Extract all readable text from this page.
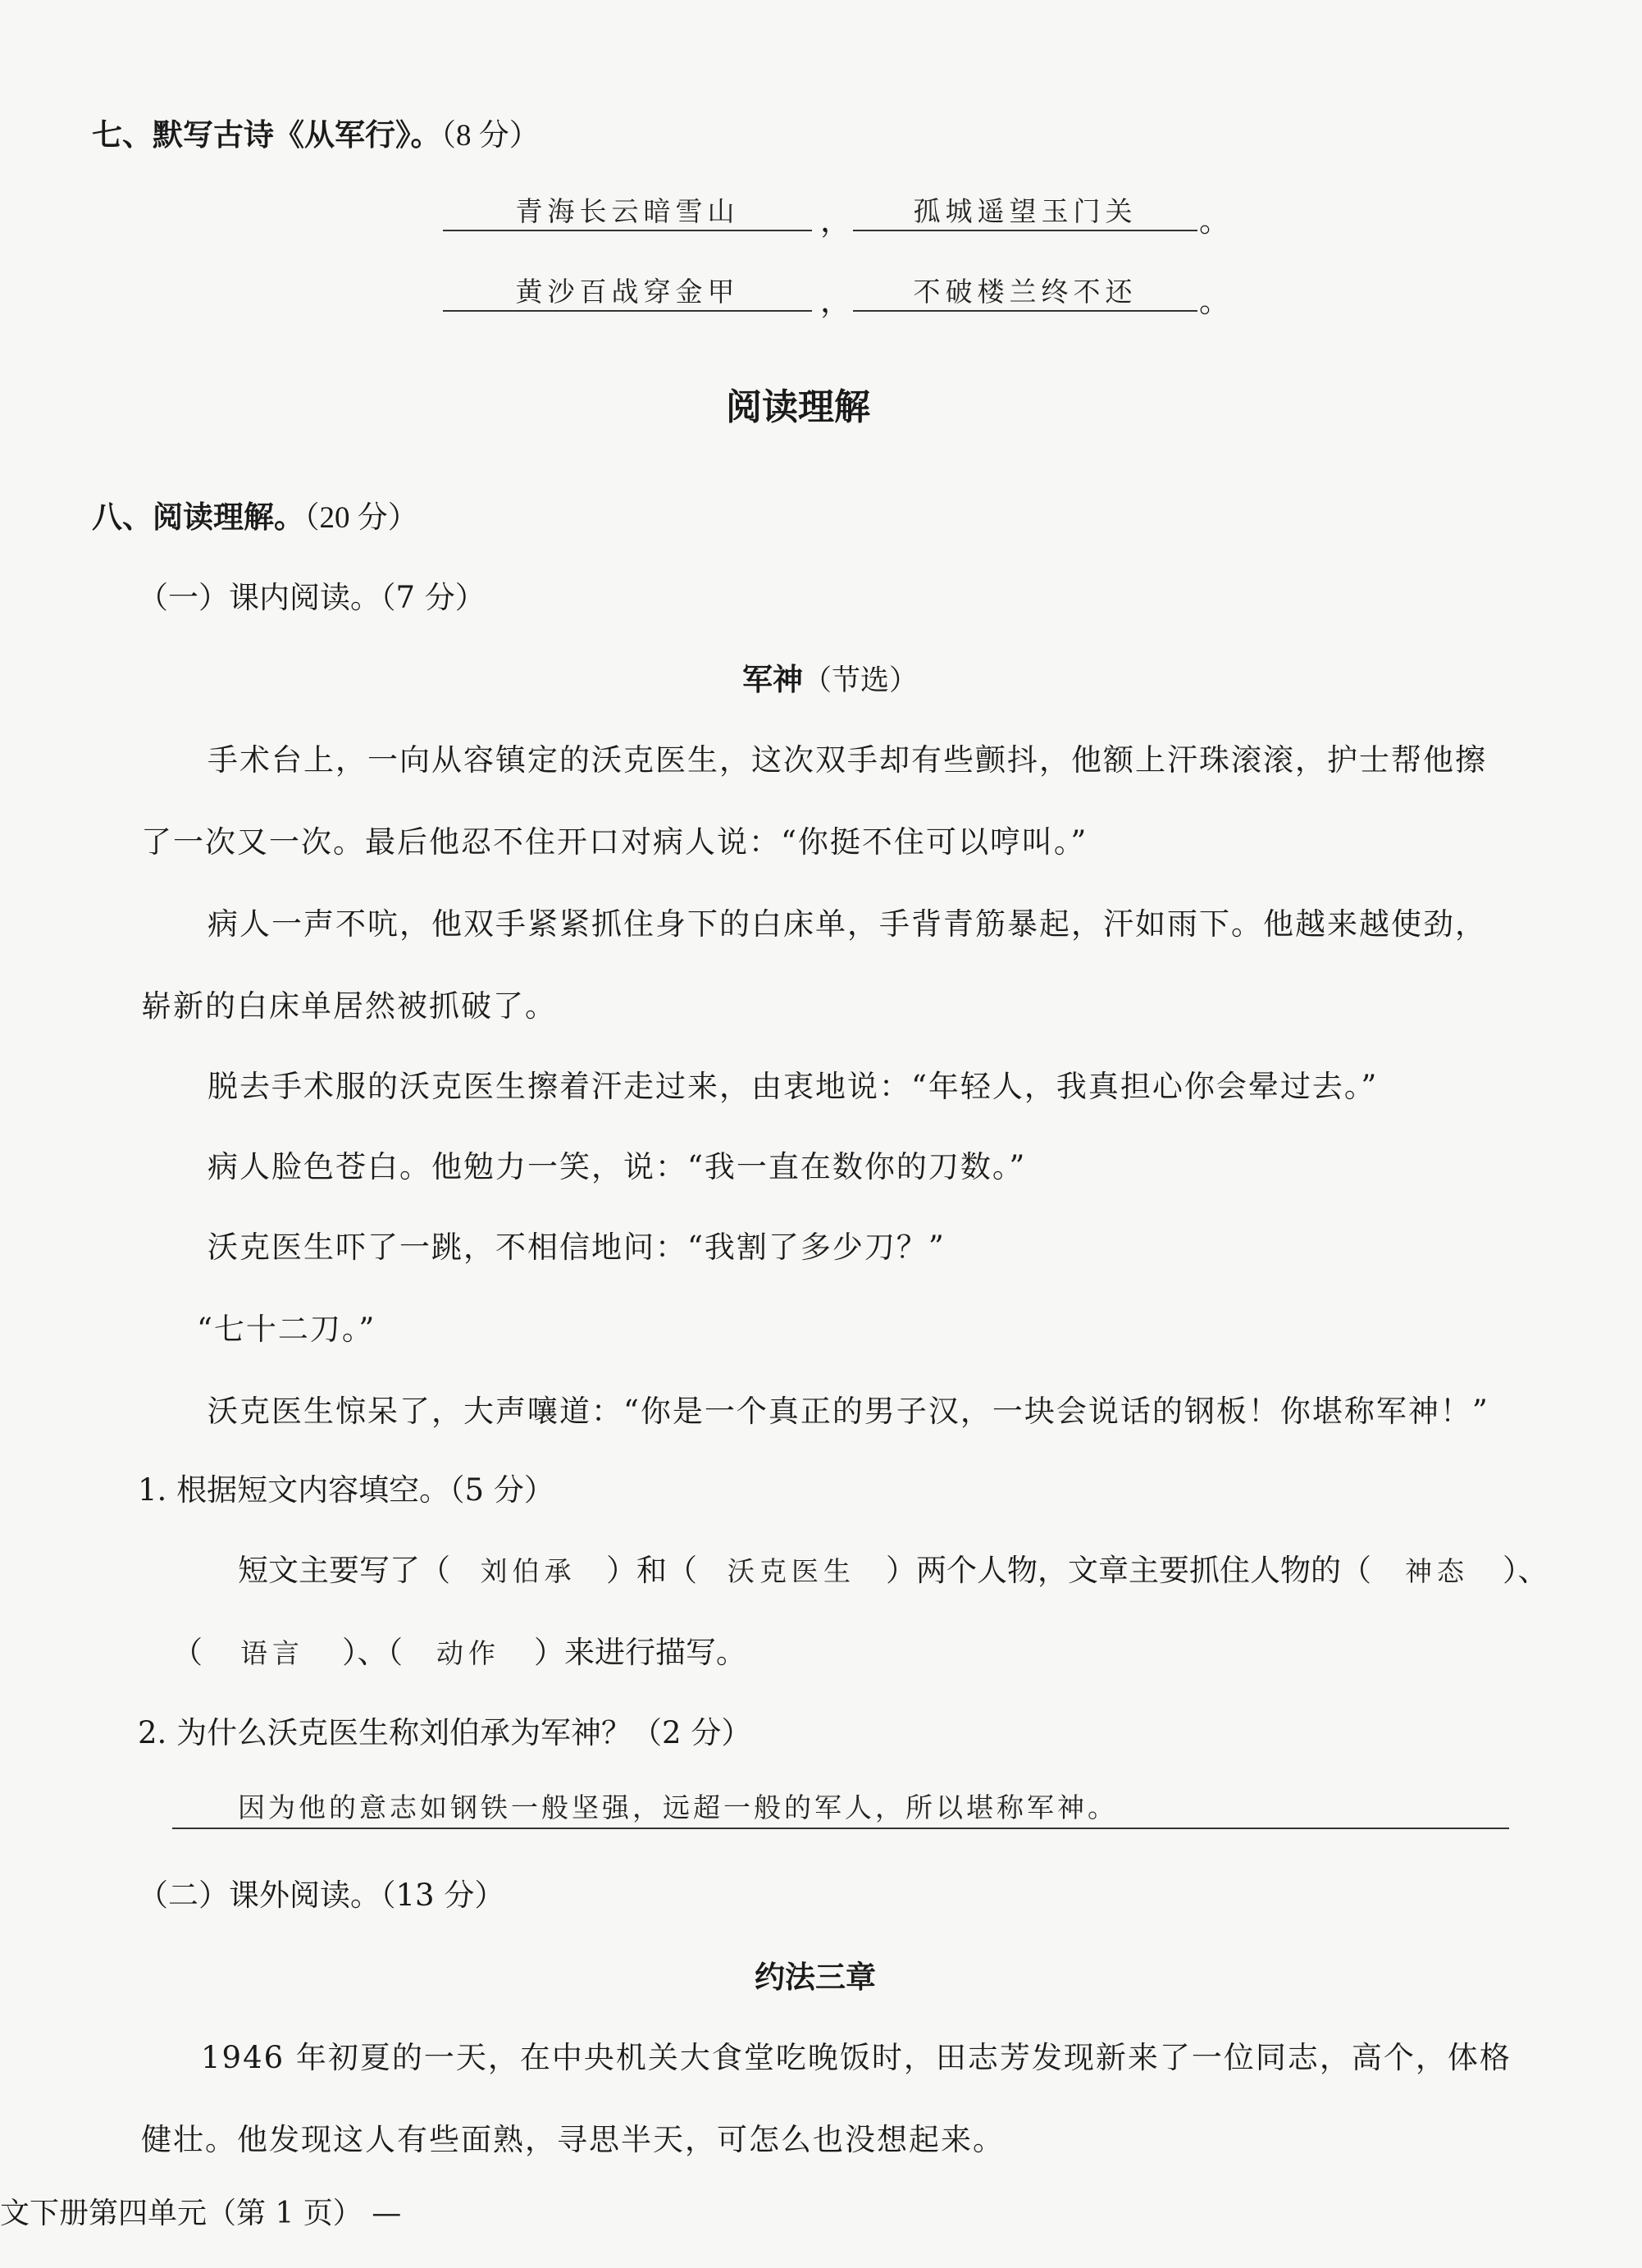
七、默写古诗《从军行》。（8 分）
青海长云暗雪山	，	孤城遥望玉门关	。
黄沙百战穿金甲	，	不破楼兰终不还	。
阅读理解
八、阅读理解。（20 分）
（一）课内阅读。（7 分）
军神（节选）
手术台上，一向从容镇定的沃克医生，这次双手却有些颤抖，他额上汗珠滚滚，护士帮他擦
了一次又一次。最后他忍不住开口对病人说：“你挺不住可以哼叫。”
病人一声不吭，他双手紧紧抓住身下的白床单，手背青筋暴起，汗如雨下。他越来越使劲，
崭新的白床单居然被抓破了。
脱去手术服的沃克医生擦着汗走过来，由衷地说：“年轻人，我真担心你会晕过去。”
病人脸色苍白。他勉力一笑，说：“我一直在数你的刀数。”
沃克医生吓了一跳，不相信地问：“我割了多少刀？”
“七十二刀。”
沃克医生惊呆了，大声嚷道：“你是一个真正的男子汉，一块会说话的钢板！你堪称军神！”
1. 根据短文内容填空。（5 分）
短文主要写了（ 刘伯承 ）和（ 沃克医生 ）两个人物，文章主要抓住人物的（ 神态 ）、
（ 语言 ）、（ 动作 ）来进行描写。
2. 为什么沃克医生称刘伯承为军神？（2 分）
因为他的意志如钢铁一般坚强，远超一般的军人，所以堪称军神。
（二）课外阅读。（13 分）
约法三章
1946 年初夏的一天，在中央机关大食堂吃晚饭时，田志芳发现新来了一位同志，高个，体格
健壮。他发现这人有些面熟，寻思半天，可怎么也没想起来。
文下册第四单元（第 1 页） —
